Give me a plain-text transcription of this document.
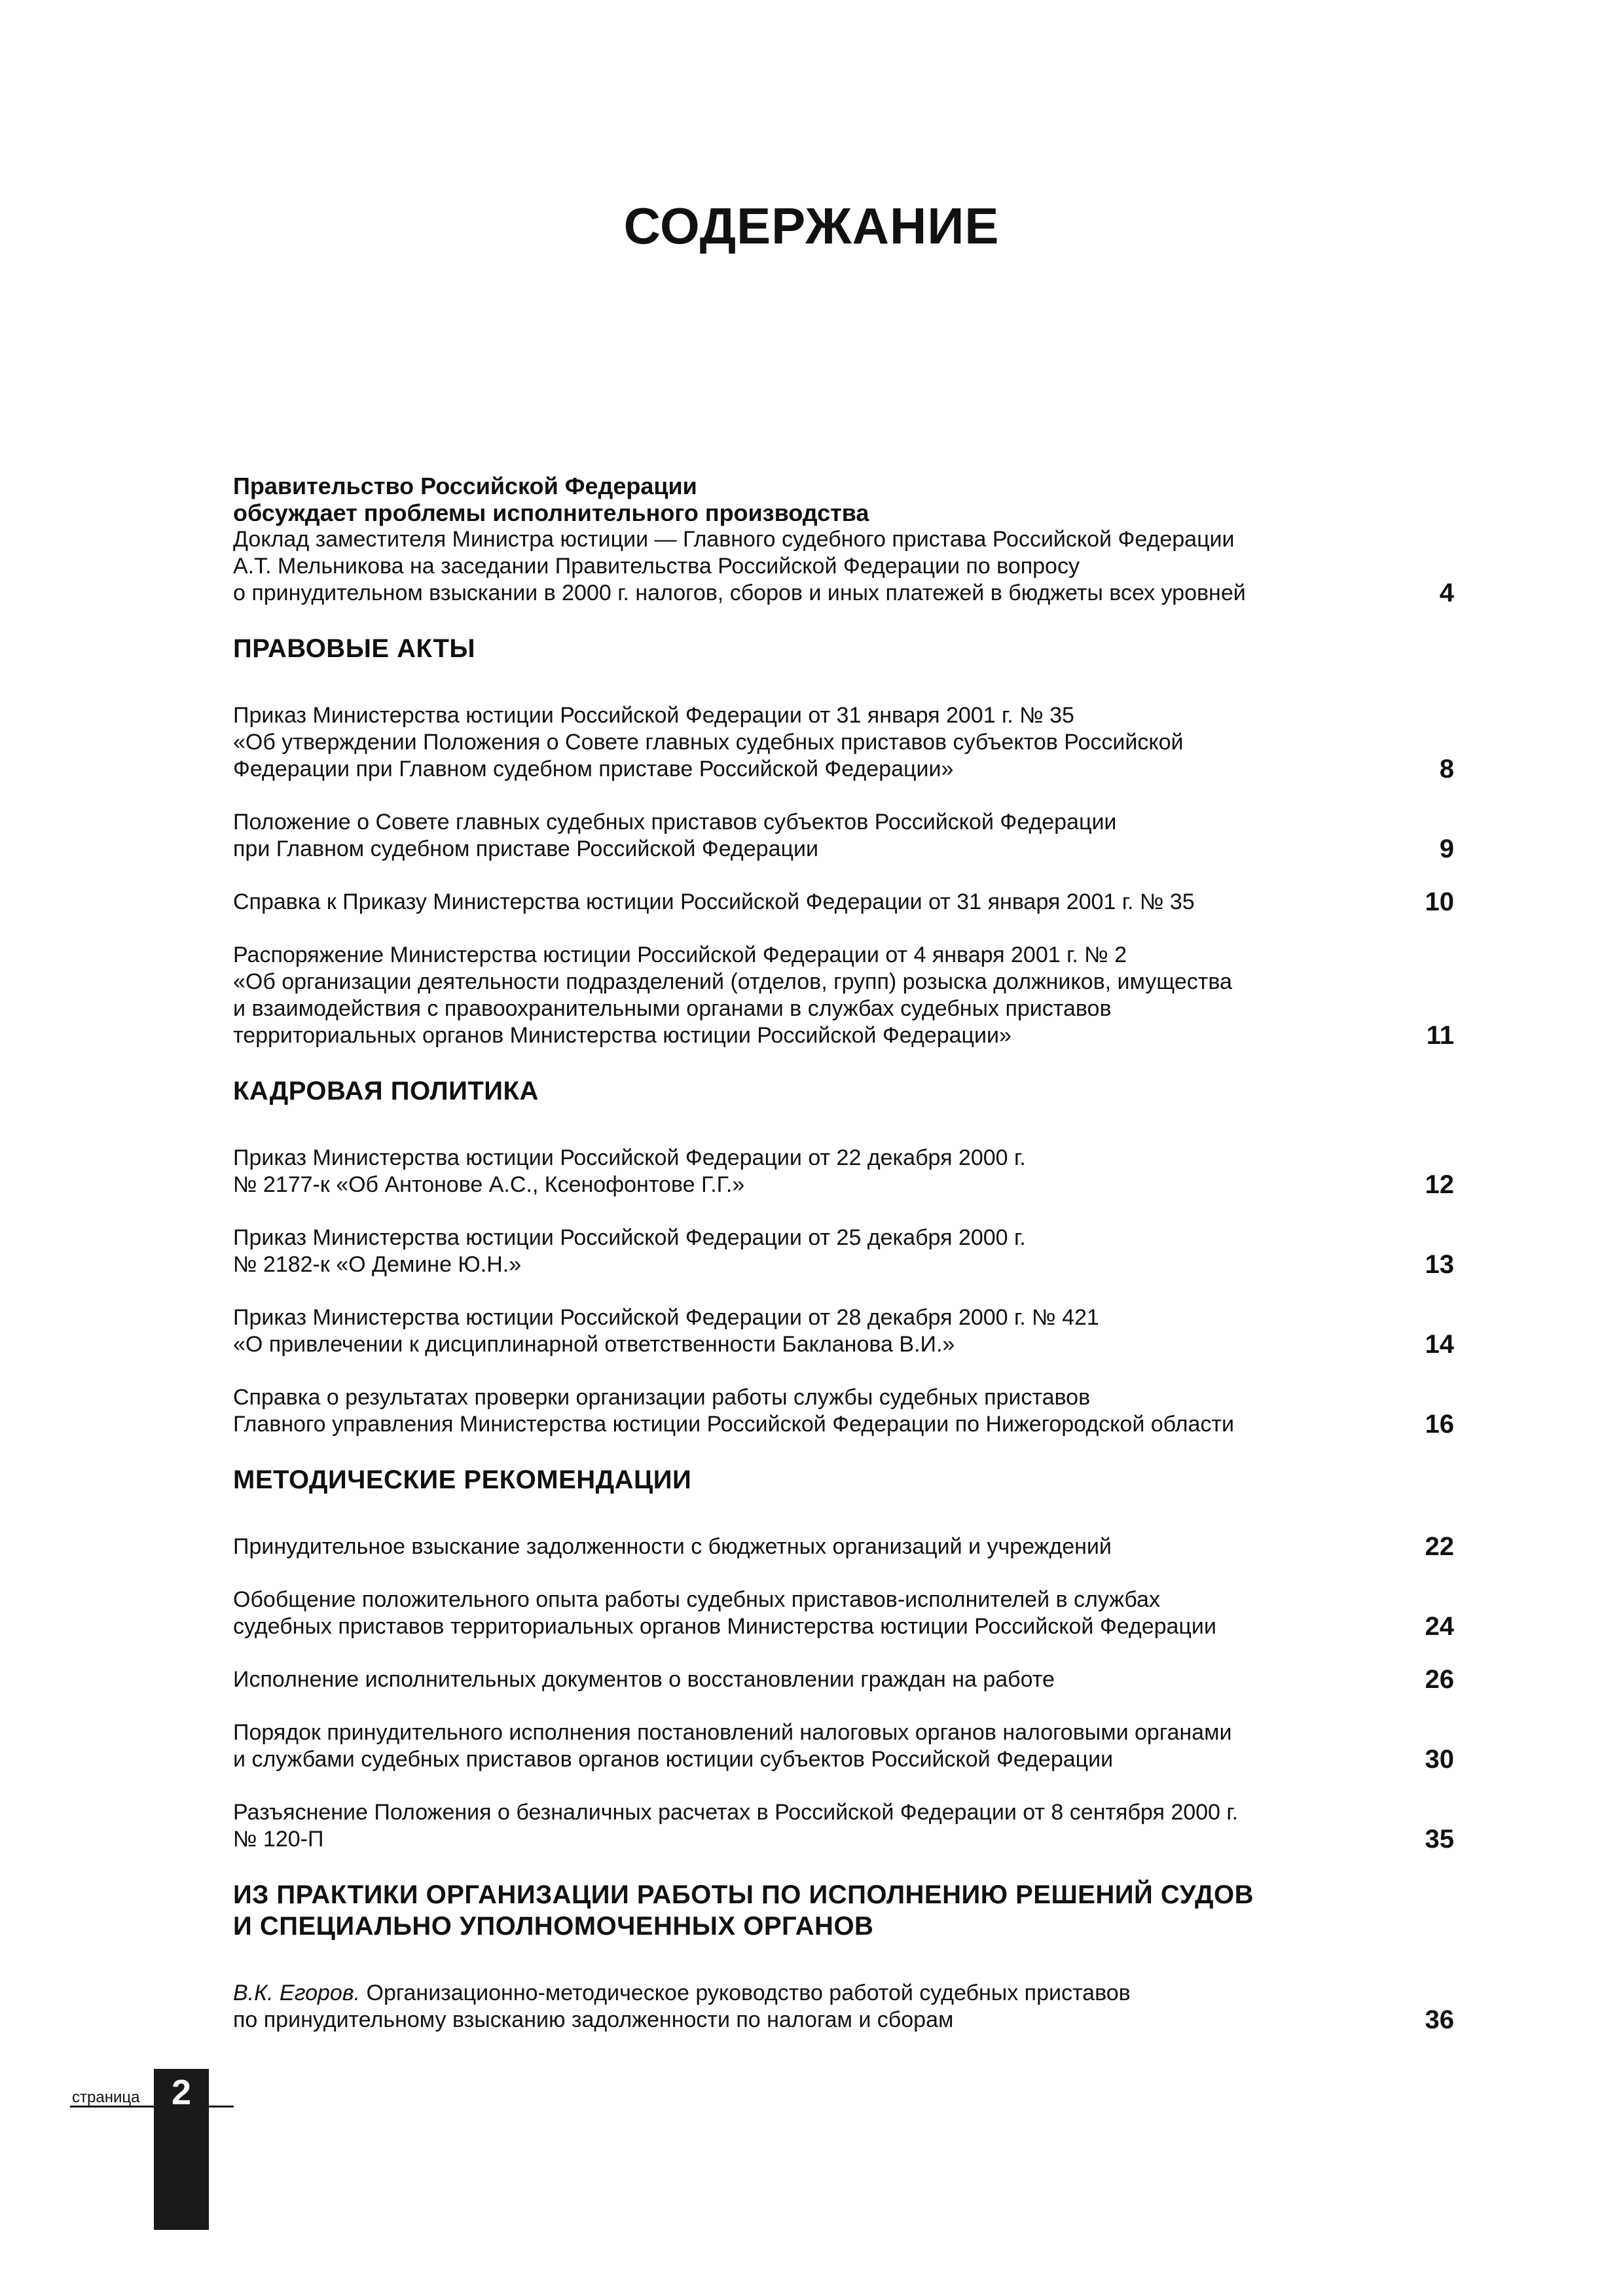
СОДЕРЖАНИЕ
Правительство Российской Федерации
обсуждает проблемы исполнительного производства
Доклад заместителя Министра юстиции — Главного судебного пристава Российской Федерации
А.Т. Мельникова на заседании Правительства Российской Федерации по вопросу
о принудительном взыскании в 2000 г. налогов, сборов и иных платежей в бюджеты всех уровней	4
ПРАВОВЫЕ АКТЫ
Приказ Министерства юстиции Российской Федерации от 31 января 2001 г. № 35
«Об утверждении Положения о Совете главных судебных приставов субъектов Российской
Федерации при Главном судебном приставе Российской Федерации»	8
Положение о Совете главных судебных приставов субъектов Российской Федерации
при Главном судебном приставе Российской Федерации	9
Справка к Приказу Министерства юстиции Российской Федерации от 31 января 2001 г. № 35	10
Распоряжение Министерства юстиции Российской Федерации от 4 января 2001 г. № 2
«Об организации деятельности подразделений (отделов, групп) розыска должников, имущества
и взаимодействия с правоохранительными органами в службах судебных приставов
территориальных органов Министерства юстиции Российской Федерации»	11
КАДРОВАЯ ПОЛИТИКА
Приказ Министерства юстиции Российской Федерации от 22 декабря 2000 г.
№ 2177-к «Об Антонове А.С., Ксенофонтове Г.Г.»	12
Приказ Министерства юстиции Российской Федерации от 25 декабря 2000 г.
№ 2182-к «О Демине Ю.Н.»	13
Приказ Министерства юстиции Российской Федерации от 28 декабря 2000 г. № 421
«О привлечении к дисциплинарной ответственности Бакланова В.И.»	14
Справка о результатах проверки организации работы службы судебных приставов
Главного управления Министерства юстиции Российской Федерации по Нижегородской области	16
МЕТОДИЧЕСКИЕ РЕКОМЕНДАЦИИ
Принудительное взыскание задолженности с бюджетных организаций и учреждений	22
Обобщение положительного опыта работы судебных приставов-исполнителей в службах
судебных приставов территориальных органов Министерства юстиции Российской Федерации	24
Исполнение исполнительных документов о восстановлении граждан на работе	26
Порядок принудительного исполнения постановлений налоговых органов налоговыми органами
и службами судебных приставов органов юстиции субъектов Российской Федерации	30
Разъяснение Положения о безналичных расчетах в Российской Федерации от 8 сентября 2000 г.
№ 120-П	35
ИЗ ПРАКТИКИ ОРГАНИЗАЦИИ РАБОТЫ ПО ИСПОЛНЕНИЮ РЕШЕНИЙ СУДОВ
И СПЕЦИАЛЬНО УПОЛНОМОЧЕННЫХ ОРГАНОВ
В.К. Егоров. Организационно-методическое руководство работой судебных приставов
по принудительному взысканию задолженности по налогам и сборам	36
2
страница
